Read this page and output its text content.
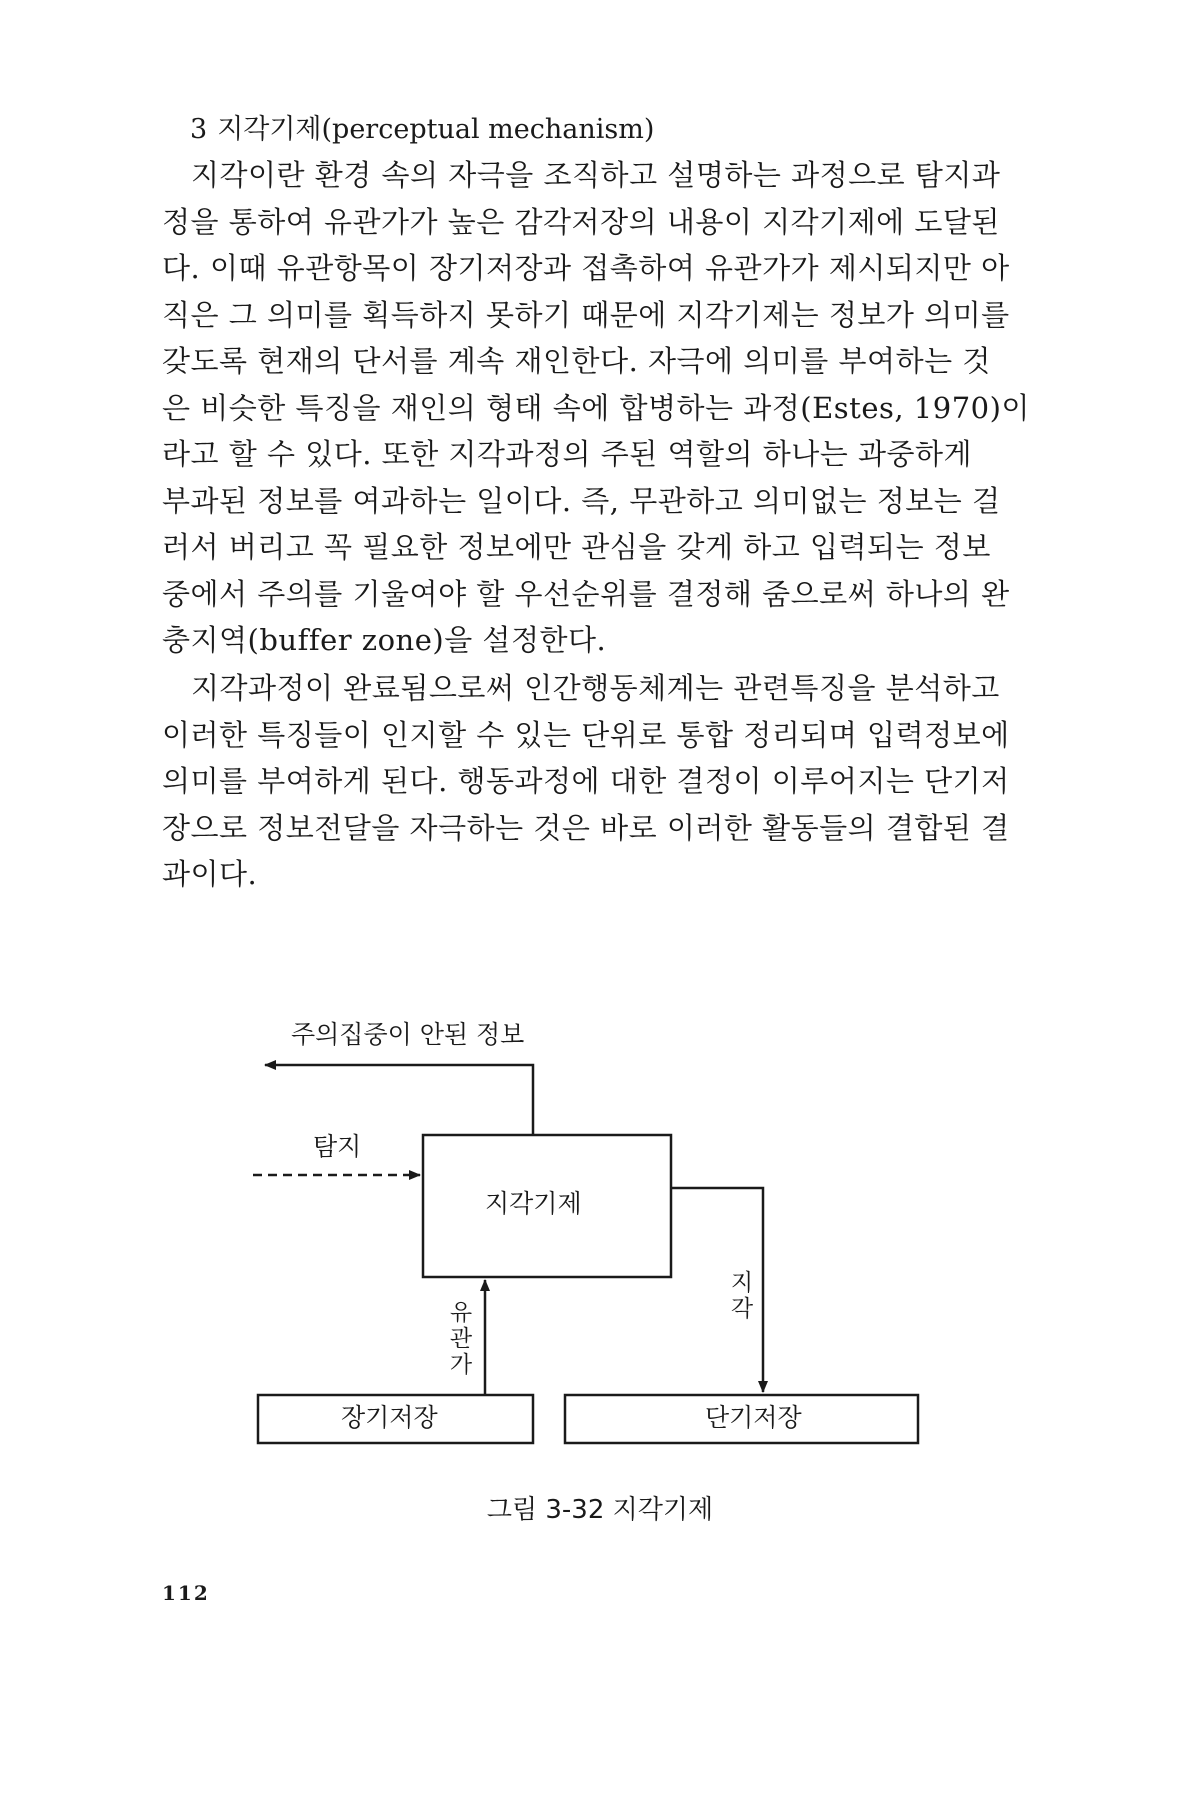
3 지각기제(perceptual mechanism)
지각이란 환경 속의 자극을 조직하고 설명하는 과정으로 탐지과
정을 통하여 유관가가 높은 감각저장의 내용이 지각기제에 도달된
다. 이때 유관항목이 장기저장과 접촉하여 유관가가 제시되지만 아
직은 그 의미를 획득하지 못하기 때문에 지각기제는 정보가 의미를
갖도록 현재의 단서를 계속 재인한다. 자극에 의미를 부여하는 것
은 비슷한 특징을 재인의 형태 속에 합병하는 과정(Estes, 1970)이
라고 할 수 있다. 또한 지각과정의 주된 역할의 하나는 과중하게
부과된 정보를 여과하는 일이다. 즉, 무관하고 의미없는 정보는 걸
러서 버리고 꼭 필요한 정보에만 관심을 갖게 하고 입력되는 정보
중에서 주의를 기울여야 할 우선순위를 결정해 줌으로써 하나의 완
충지역(buffer zone)을 설정한다.
지각과정이 완료됨으로써 인간행동체계는 관련특징을 분석하고
이러한 특징들이 인지할 수 있는 단위로 통합 정리되며 입력정보에
의미를 부여하게 된다. 행동과정에 대한 결정이 이루어지는 단기저
장으로 정보전달을 자극하는 것은 바로 이러한 활동들의 결합된 결
과이다.
주의집중이 안된 정보
탐지
지각기제
유관가
지각
장기저장	단기저장
그림 3-32 지각기제
112
